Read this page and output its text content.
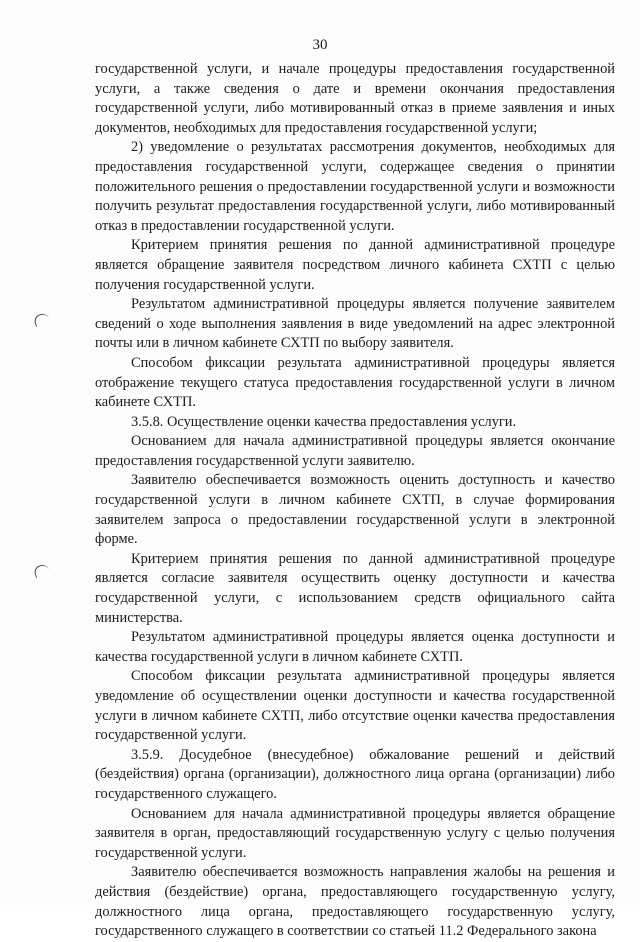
30

государственной услуги, и начале процедуры предоставления государственной услуги, а также сведения о дате и времени окончания предоставления государственной услуги, либо мотивированный отказ в приеме заявления и иных документов, необходимых для предоставления государственной услуги;

2) уведомление о результатах рассмотрения документов, необходимых для предоставления государственной услуги, содержащее сведения о принятии положительного решения о предоставлении государственной услуги и возможности получить результат предоставления государственной услуги, либо мотивированный отказ в предоставлении государственной услуги.

Критерием принятия решения по данной административной процедуре является обращение заявителя посредством личного кабинета СХТП с целью получения государственной услуги.

Результатом административной процедуры является получение заявителем сведений о ходе выполнения заявления в виде уведомлений на адрес электронной почты или в личном кабинете СХТП по выбору заявителя.

Способом фиксации результата административной процедуры является отображение текущего статуса предоставления государственной услуги в личном кабинете СХТП.

3.5.8. Осуществление оценки качества предоставления услуги.

Основанием для начала административной процедуры является окончание предоставления государственной услуги заявителю.

Заявителю обеспечивается возможность оценить доступность и качество государственной услуги в личном кабинете СХТП, в случае формирования заявителем запроса о предоставлении государственной услуги в электронной форме.

Критерием принятия решения по данной административной процедуре является согласие заявителя осуществить оценку доступности и качества государственной услуги, с использованием средств официального сайта министерства.

Результатом административной процедуры является оценка доступности и качества государственной услуги в личном кабинете СХТП.

Способом фиксации результата административной процедуры является уведомление об осуществлении оценки доступности и качества государственной услуги в личном кабинете СХТП, либо отсутствие оценки качества предоставления государственной услуги.

3.5.9. Досудебное (внесудебное) обжалование решений и действий (бездействия) органа (организации), должностного лица органа (организации) либо государственного служащего.

Основанием для начала административной процедуры является обращение заявителя в орган, предоставляющий государственную услугу с целью получения государственной услуги.

Заявителю обеспечивается возможность направления жалобы на решения и действия (бездействие) органа, предоставляющего государственную услугу, должностного лица органа, предоставляющего государственную услугу, государственного служащего в соответствии со статьей 11.2 Федерального закона
